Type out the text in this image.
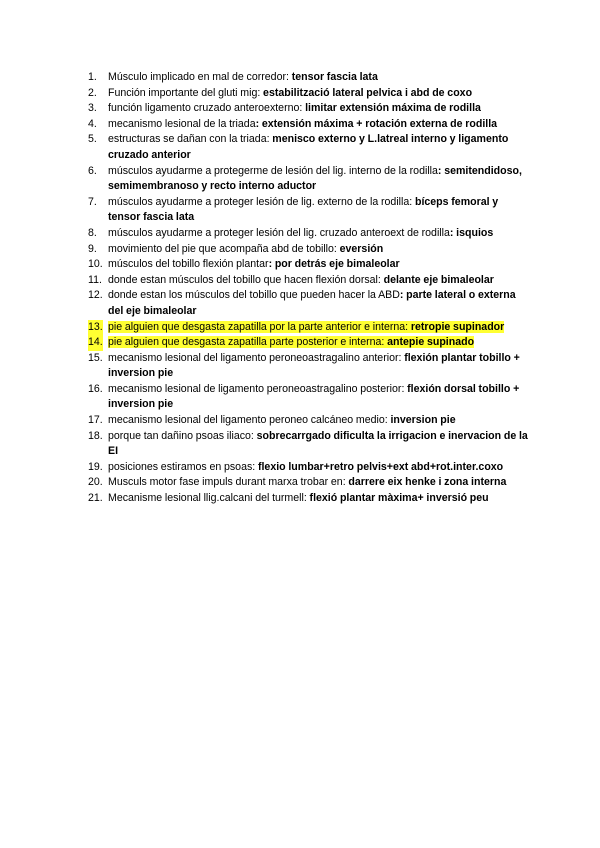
1. Músculo implicado en mal de corredor: tensor fascia lata
2. Función importante del gluti mig: estabilització lateral pelvica i abd de coxo
3. función ligamento cruzado anteroexterno: limitar extensión máxima de rodilla
4. mecanismo lesional de la triada: extensión máxima + rotación externa de rodilla
5. estructuras se dañan con la triada: menisco externo y L.latreal interno y ligamento cruzado anterior
6. músculos ayudarme a protegerme de lesión del lig. interno de la rodilla: semitendidoso, semimembranoso y recto interno aductor
7. músculos ayudarme a proteger lesión de lig. externo de la rodilla: bíceps femoral y tensor fascia lata
8. músculos ayudarme a proteger lesión del lig. cruzado anteroext de rodilla: isquios
9. movimiento del pie que acompaña abd de tobillo: eversión
10. músculos del tobillo flexión plantar: por detrás eje bimaleolar
11. donde estan músculos del tobillo que hacen flexión dorsal: delante eje bimaleolar
12. donde estan los músculos del tobillo que pueden hacer la ABD: parte lateral o externa del eje bimaleolar
13. pie alguien que desgasta zapatilla por la parte anterior e interna: retropie supinador
14. pie alguien que desgasta zapatilla parte posterior e interna: antepie supinado
15. mecanismo lesional del ligamento peroneoastragalino anterior: flexión plantar tobillo + inversion pie
16. mecanismo lesional de ligamento peroneoastragalino posterior: flexión dorsal tobillo + inversion pie
17. mecanismo lesional del ligamento peroneo calcáneo medio: inversion pie
18. porque tan dañino psoas iliaco: sobrecarrgado dificulta la irrigacion e inervacion de la EI
19. posiciones estiramos en psoas: flexio lumbar+retro pelvis+ext abd+rot.inter.coxo
20. Musculs motor fase impuls durant marxa trobar en: darrere eix henke i zona interna
21. Mecanisme lesional llig.calcani del turmell: flexió plantar màxima+ inversió peu
